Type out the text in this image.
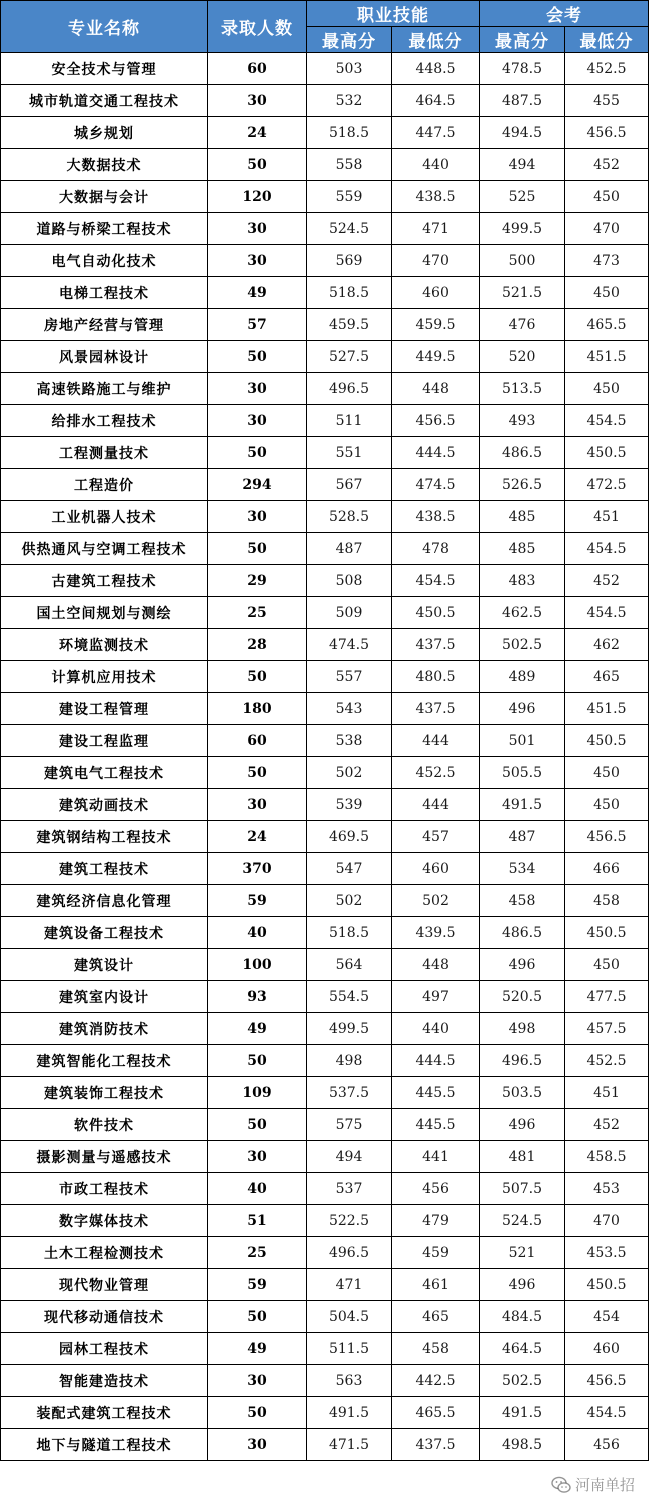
专业名称	录取人数	职业技能		会考	
		最高分	最低分	最高分	最低分
安全技术与管理	60	503	448.5	478.5	452.5
城市轨道交通工程技术	30	532	464.5	487.5	455
城乡规划	24	518.5	447.5	494.5	456.5
大数据技术	50	558	440	494	452
大数据与会计	120	559	438.5	525	450
道路与桥梁工程技术	30	524.5	471	499.5	470
电气自动化技术	30	569	470	500	473
电梯工程技术	49	518.5	460	521.5	450
房地产经营与管理	57	459.5	459.5	476	465.5
风景园林设计	50	527.5	449.5	520	451.5
高速铁路施工与维护	30	496.5	448	513.5	450
给排水工程技术	30	511	456.5	493	454.5
工程测量技术	50	551	444.5	486.5	450.5
工程造价	294	567	474.5	526.5	472.5
工业机器人技术	30	528.5	438.5	485	451
供热通风与空调工程技术	50	487	478	485	454.5
古建筑工程技术	29	508	454.5	483	452
国土空间规划与测绘	25	509	450.5	462.5	454.5
环境监测技术	28	474.5	437.5	502.5	462
计算机应用技术	50	557	480.5	489	465
建设工程管理	180	543	437.5	496	451.5
建设工程监理	60	538	444	501	450.5
建筑电气工程技术	50	502	452.5	505.5	450
建筑动画技术	30	539	444	491.5	450
建筑钢结构工程技术	24	469.5	457	487	456.5
建筑工程技术	370	547	460	534	466
建筑经济信息化管理	59	502	502	458	458
建筑设备工程技术	40	518.5	439.5	486.5	450.5
建筑设计	100	564	448	496	450
建筑室内设计	93	554.5	497	520.5	477.5
建筑消防技术	49	499.5	440	498	457.5
建筑智能化工程技术	50	498	444.5	496.5	452.5
建筑装饰工程技术	109	537.5	445.5	503.5	451
软件技术	50	575	445.5	496	452
摄影测量与遥感技术	30	494	441	481	458.5
市政工程技术	40	537	456	507.5	453
数字媒体技术	51	522.5	479	524.5	470
土木工程检测技术	25	496.5	459	521	453.5
现代物业管理	59	471	461	496	450.5
现代移动通信技术	50	504.5	465	484.5	454
园林工程技术	49	511.5	458	464.5	460
智能建造技术	30	563	442.5	502.5	456.5
装配式建筑工程技术	50	491.5	465.5	491.5	454.5
地下与隧道工程技术	30	471.5	437.5	498.5	456
河南单招
